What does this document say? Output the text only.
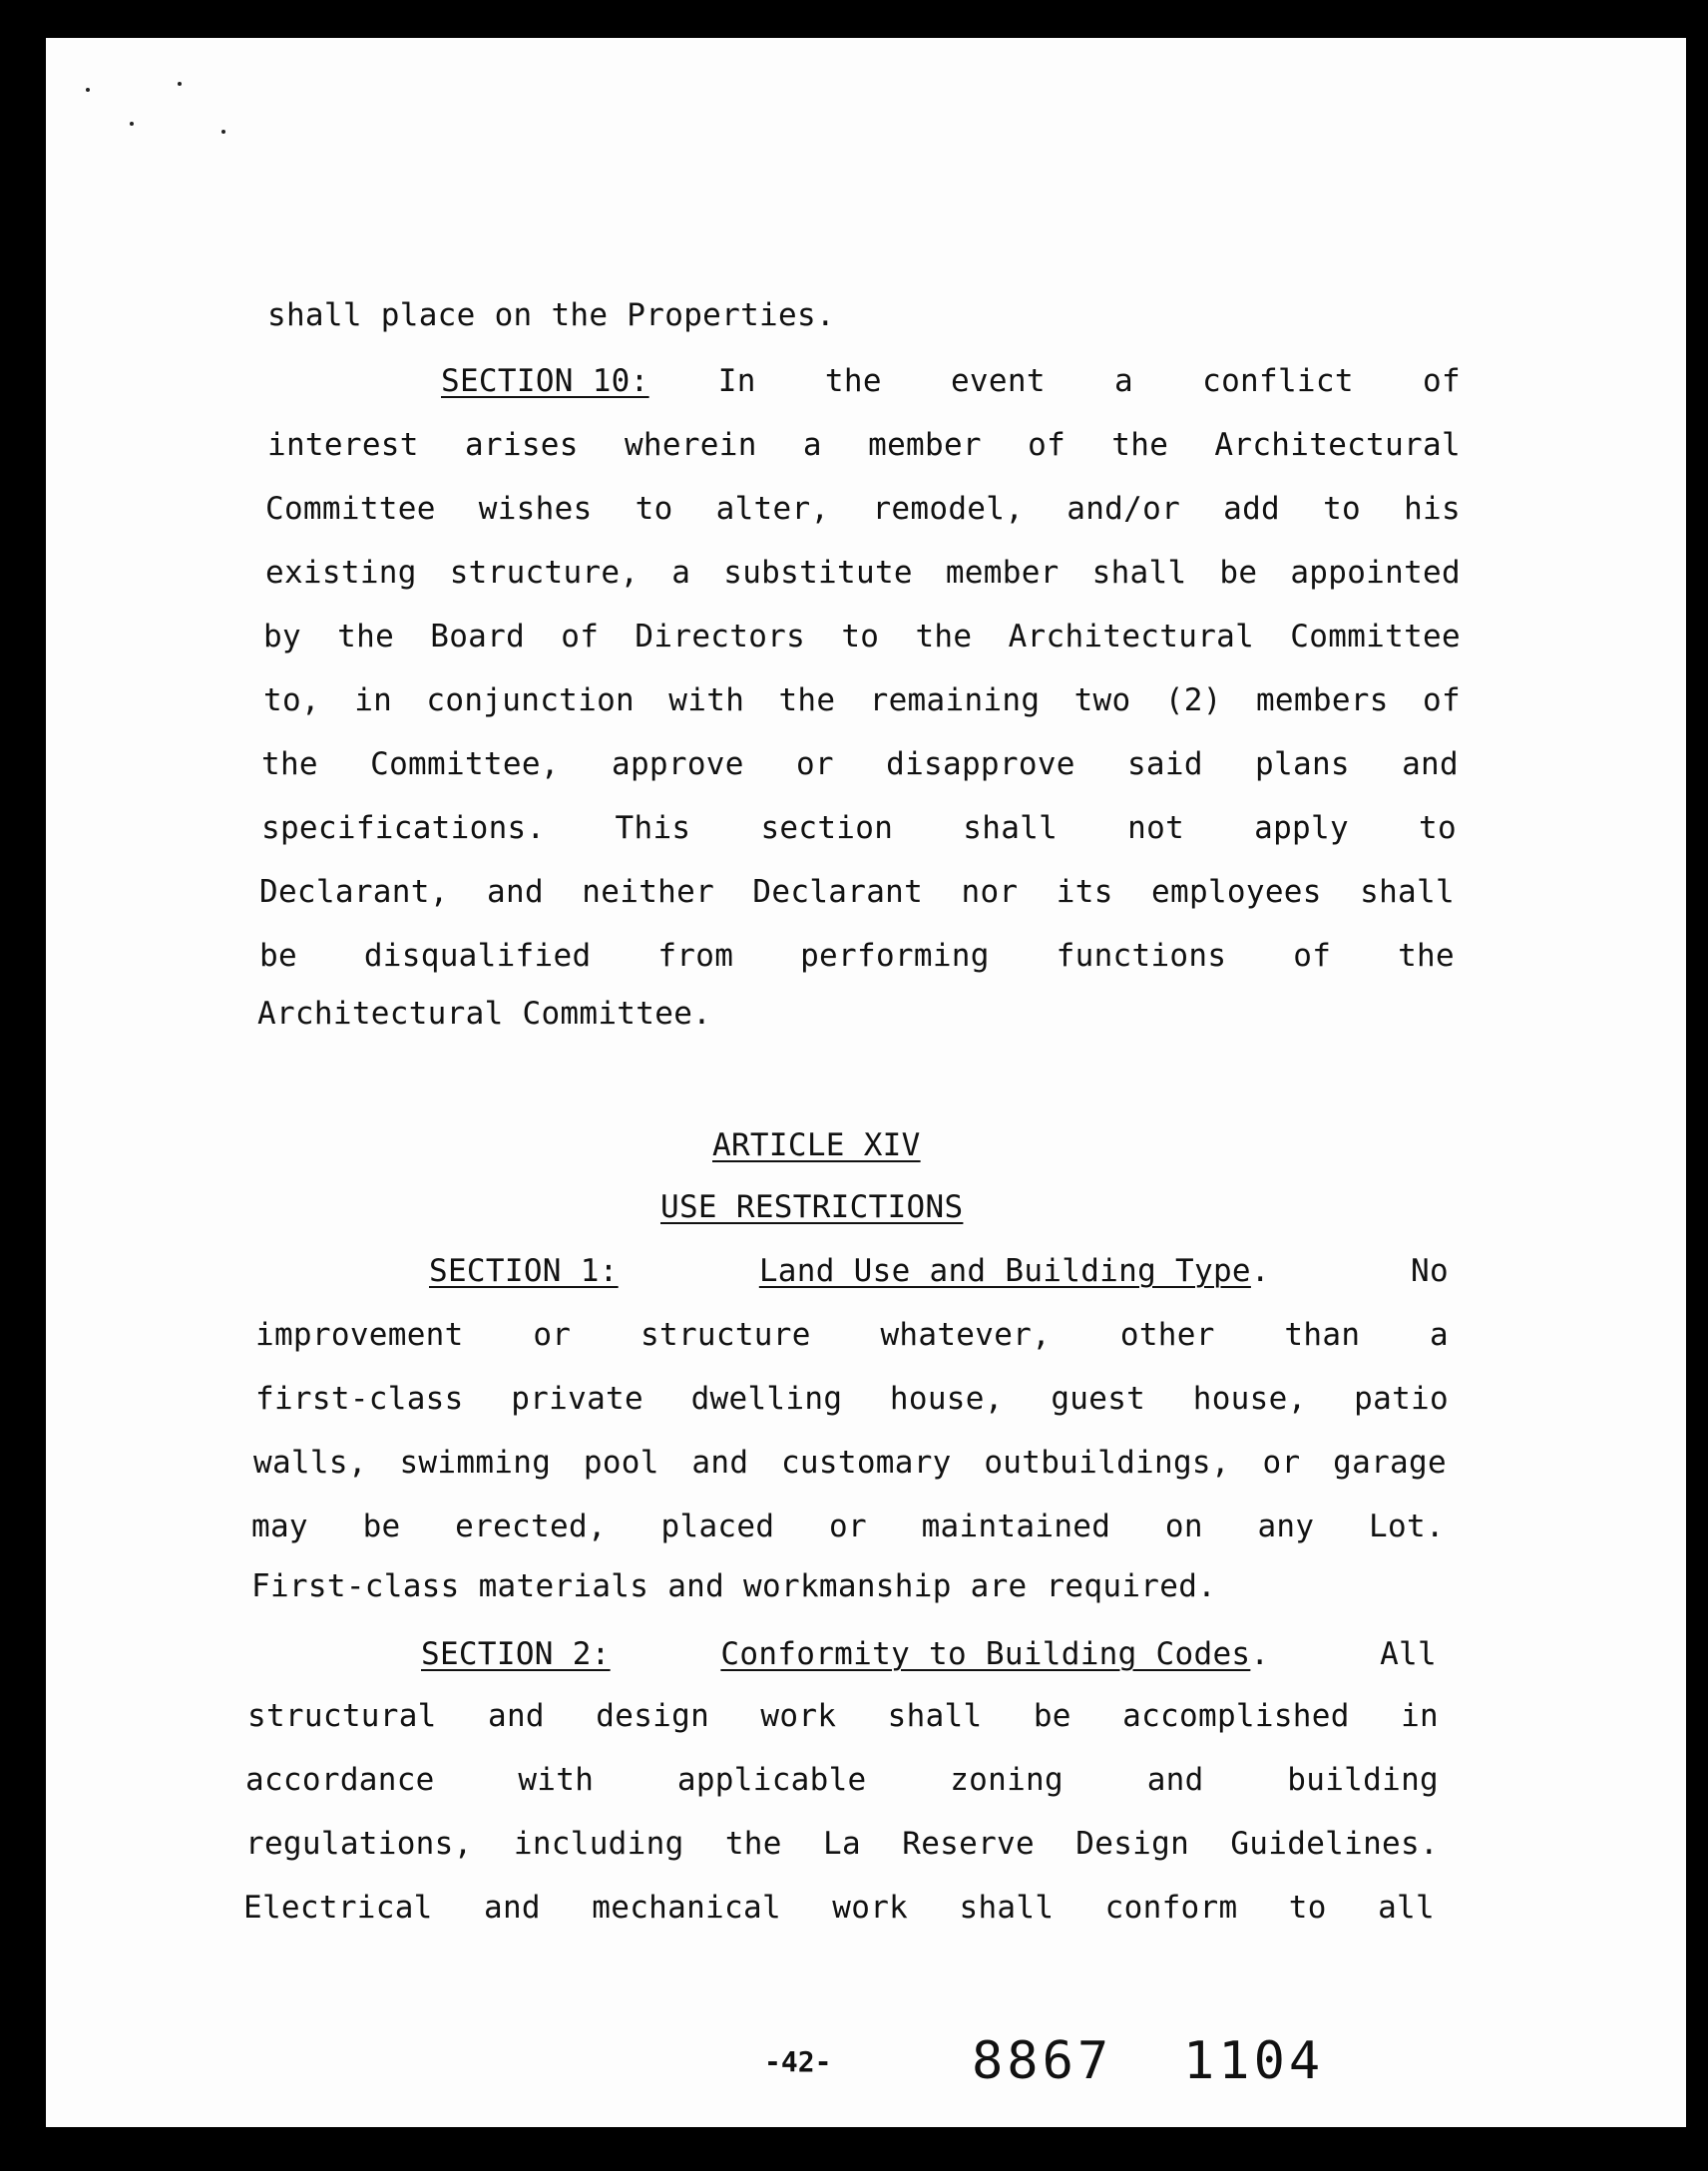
shall place on the Properties.
SECTION 10: In the event a conflict of
interest arises wherein a member of the Architectural
Committee wishes to alter, remodel, and/or add to his
existing structure, a substitute member shall be appointed
by the Board of Directors to the Architectural Committee
to, in conjunction with the remaining two (2) members of
the Committee, approve or disapprove said plans and
specifications. This section shall not apply to
Declarant, and neither Declarant nor its employees shall
be disqualified from performing functions of the
Architectural Committee.
ARTICLE XIV
USE RESTRICTIONS
SECTION 1:	Land Use and Building Type.	No
improvement or structure whatever, other than a
first-class private dwelling house, guest house, patio
walls, swimming pool and customary outbuildings, or garage
may be erected, placed or maintained on any Lot.
First-class materials and workmanship are required.
SECTION 2:	Conformity to Building Codes.	All
structural and design work shall be accomplished in
accordance	with	applicable	zoning	and	building
regulations, including the La Reserve Design Guidelines.
Electrical and mechanical work shall conform to all
-42-	8867 1104
